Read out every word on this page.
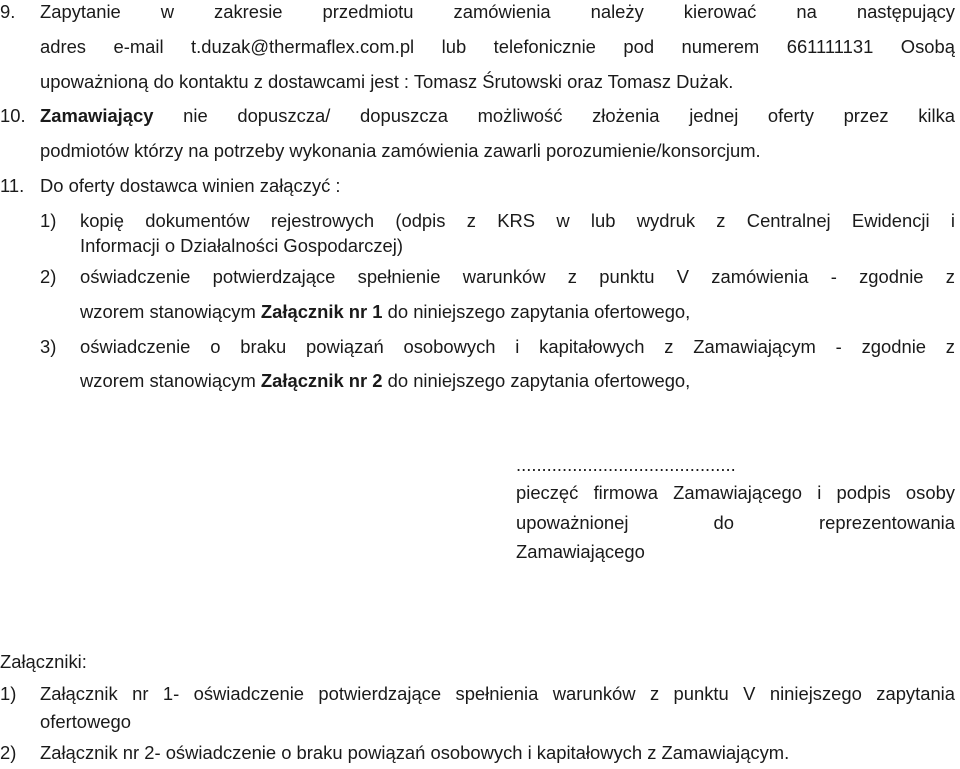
9. Zapytanie w zakresie przedmiotu zamówienia należy kierować na następujący
adres e-mail t.duzak@thermaflex.com.pl lub telefonicznie pod numerem 661111131 Osobą
upoważnioną do kontaktu z dostawcami jest : Tomasz Śrutowski oraz Tomasz Dużak.
10. Zamawiający nie dopuszcza/ dopuszcza możliwość złożenia jednej oferty przez kilka
podmiotów którzy na potrzeby wykonania zamówienia zawarli porozumienie/konsorcjum.
11. Do oferty dostawca winien załączyć :
1) kopię dokumentów rejestrowych (odpis z KRS w lub wydruk z Centralnej Ewidencji i
Informacji o Działalności Gospodarczej)
2) oświadczenie potwierdzające spełnienie warunków z punktu V zamówienia - zgodnie z
wzorem stanowiącym Załącznik nr 1 do niniejszego zapytania ofertowego,
3) oświadczenie o braku powiązań osobowych i kapitałowych z Zamawiającym - zgodnie z
wzorem stanowiącym Załącznik nr 2 do niniejszego zapytania ofertowego,
...........................................
pieczęć firmowa Zamawiającego i podpis osoby
upoważnionej do reprezentowania
Zamawiającego
Załączniki:
1) Załącznik nr 1- oświadczenie potwierdzające spełnienia warunków z punktu V niniejszego zapytania
ofertowego
2) Załącznik nr 2- oświadczenie o braku powiązań osobowych i kapitałowych z Zamawiającym.
